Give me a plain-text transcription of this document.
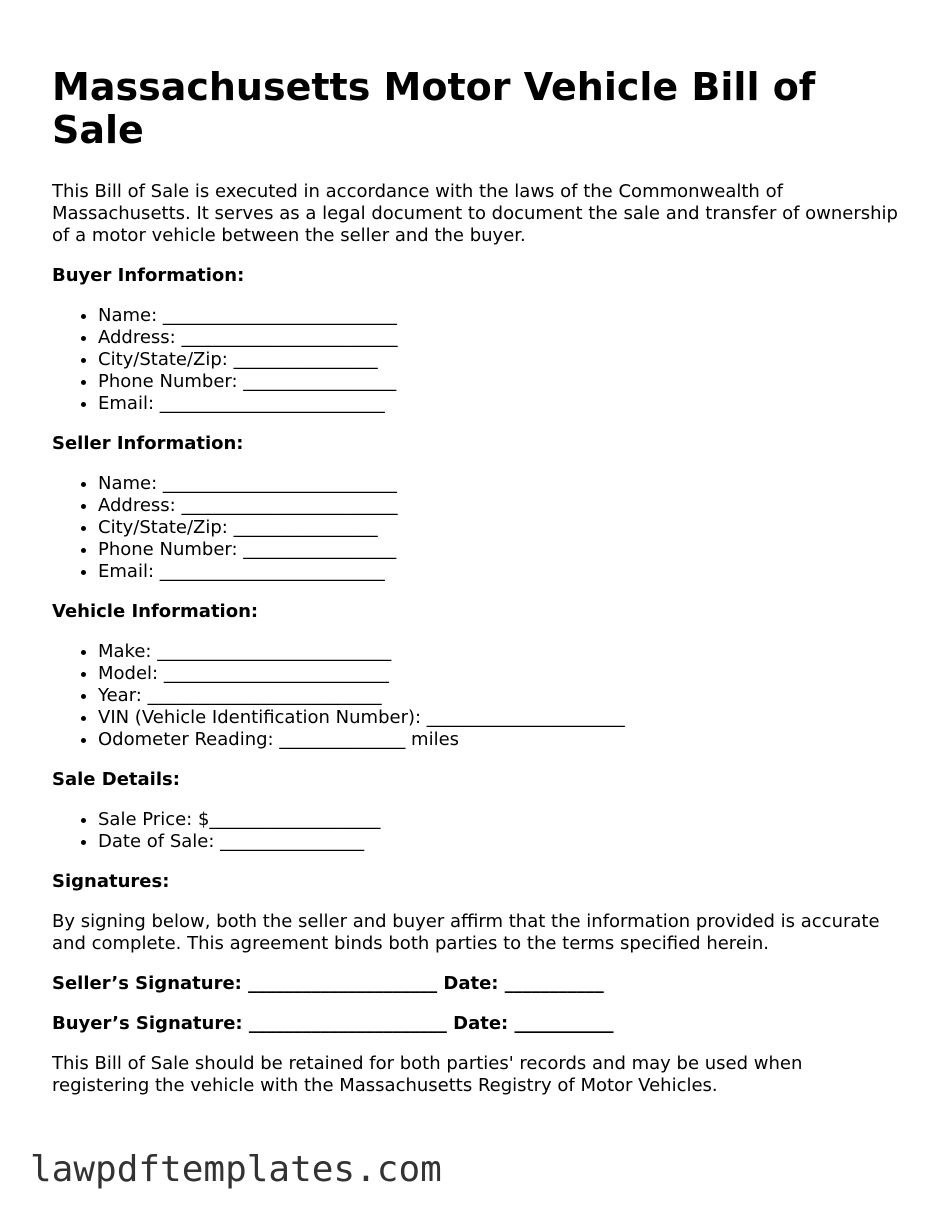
Massachusetts Motor Vehicle Bill of Sale

This Bill of Sale is executed in accordance with the laws of the Commonwealth of Massachusetts. It serves as a legal document to document the sale and transfer of ownership of a motor vehicle between the seller and the buyer.

Buyer Information:
• Name: __________________________
• Address: ________________________
• City/State/Zip: ________________
• Phone Number: _________________
• Email: _________________________
Seller Information:
• Name: __________________________
• Address: ________________________
• City/State/Zip: ________________
• Phone Number: _________________
• Email: _________________________
Vehicle Information:
• Make: __________________________
• Model: _________________________
• Year: __________________________
• VIN (Vehicle Identification Number): ______________________
• Odometer Reading: ______________ miles
Sale Details:
• Sale Price: $___________________
• Date of Sale: ________________
Signatures:

By signing below, both the seller and buyer affirm that the information provided is accurate and complete. This agreement binds both parties to the terms specified herein.

Seller’s Signature: _____________________ Date: ___________

Buyer’s Signature: ______________________ Date: ___________

This Bill of Sale should be retained for both parties' records and may be used when registering the vehicle with the Massachusetts Registry of Motor Vehicles.

lawpdftemplates.com
